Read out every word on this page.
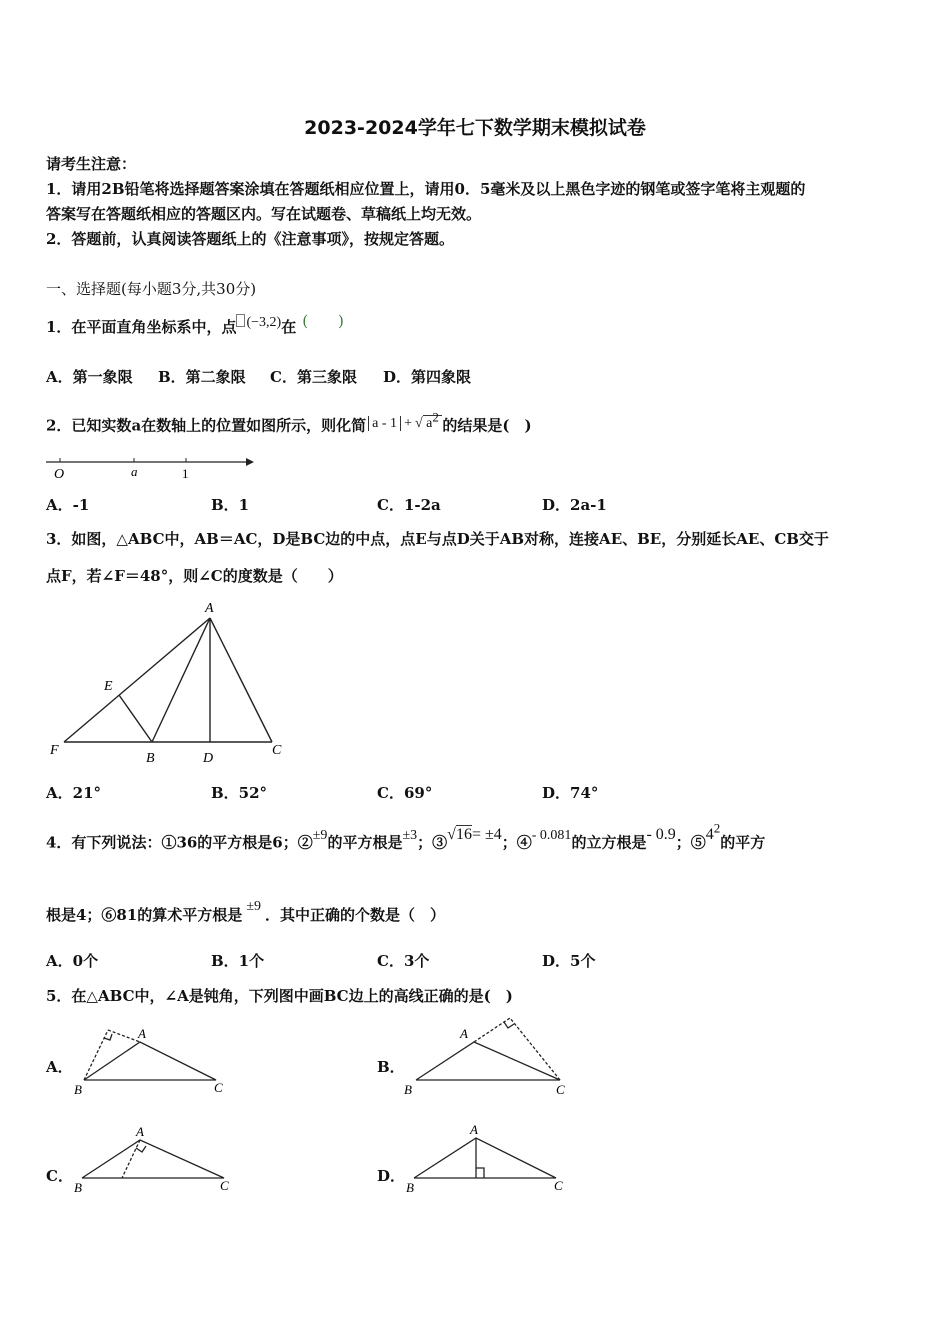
2023-2024学年七下数学期末模拟试卷
请考生注意：
1．请用2B铅笔将选择题答案涂填在答题纸相应位置上，请用0．5毫米及以上黑色字迹的钢笔或签字笔将主观题的
答案写在答题纸相应的答题区内。写在试题卷、草稿纸上均无效。
2．答题前，认真阅读答题纸上的《注意事项》，按规定答题。
一、选择题(每小题3分,共30分)
1．在平面直角坐标系中，点 (−3,2)在 (　　)
A．第一象限 B．第二象限 C．第三象限 D．第四象限
2．已知实数a在数轴上的位置如图所示，则化简 a - 1 + √ $a^2$ 的结果是(　)
O	a	1
A．-1	B．1	C．1-2a	D．2a-1
3．如图，△ABC中，AB＝AC，D是BC边的中点，点E与点D关于AB对称，连接AE、BE，分别延长AE、CB交于
点F，若∠F＝48°，则∠C的度数是（　　）
A
E
F
B	D
C
A．21°	B．52°	C．69°	D．74°
4．有下列说法：①36的平方根是6；②±9的平方根是±3；③√16= ±4；④- 0.081的立方根是- 0.9；$⑤4^2$的平方
根是4；⑥81的算术平方根是 ±9 ．其中正确的个数是（　）
A．0个	B．1个	C．3个	D．5个
5．在△ABC中，∠A是钝角，下列图中画BC边上的高线正确的是(　)
A．
A
B	C
B．
A
B	C
C．
A
B	C
D．
A
B	C
